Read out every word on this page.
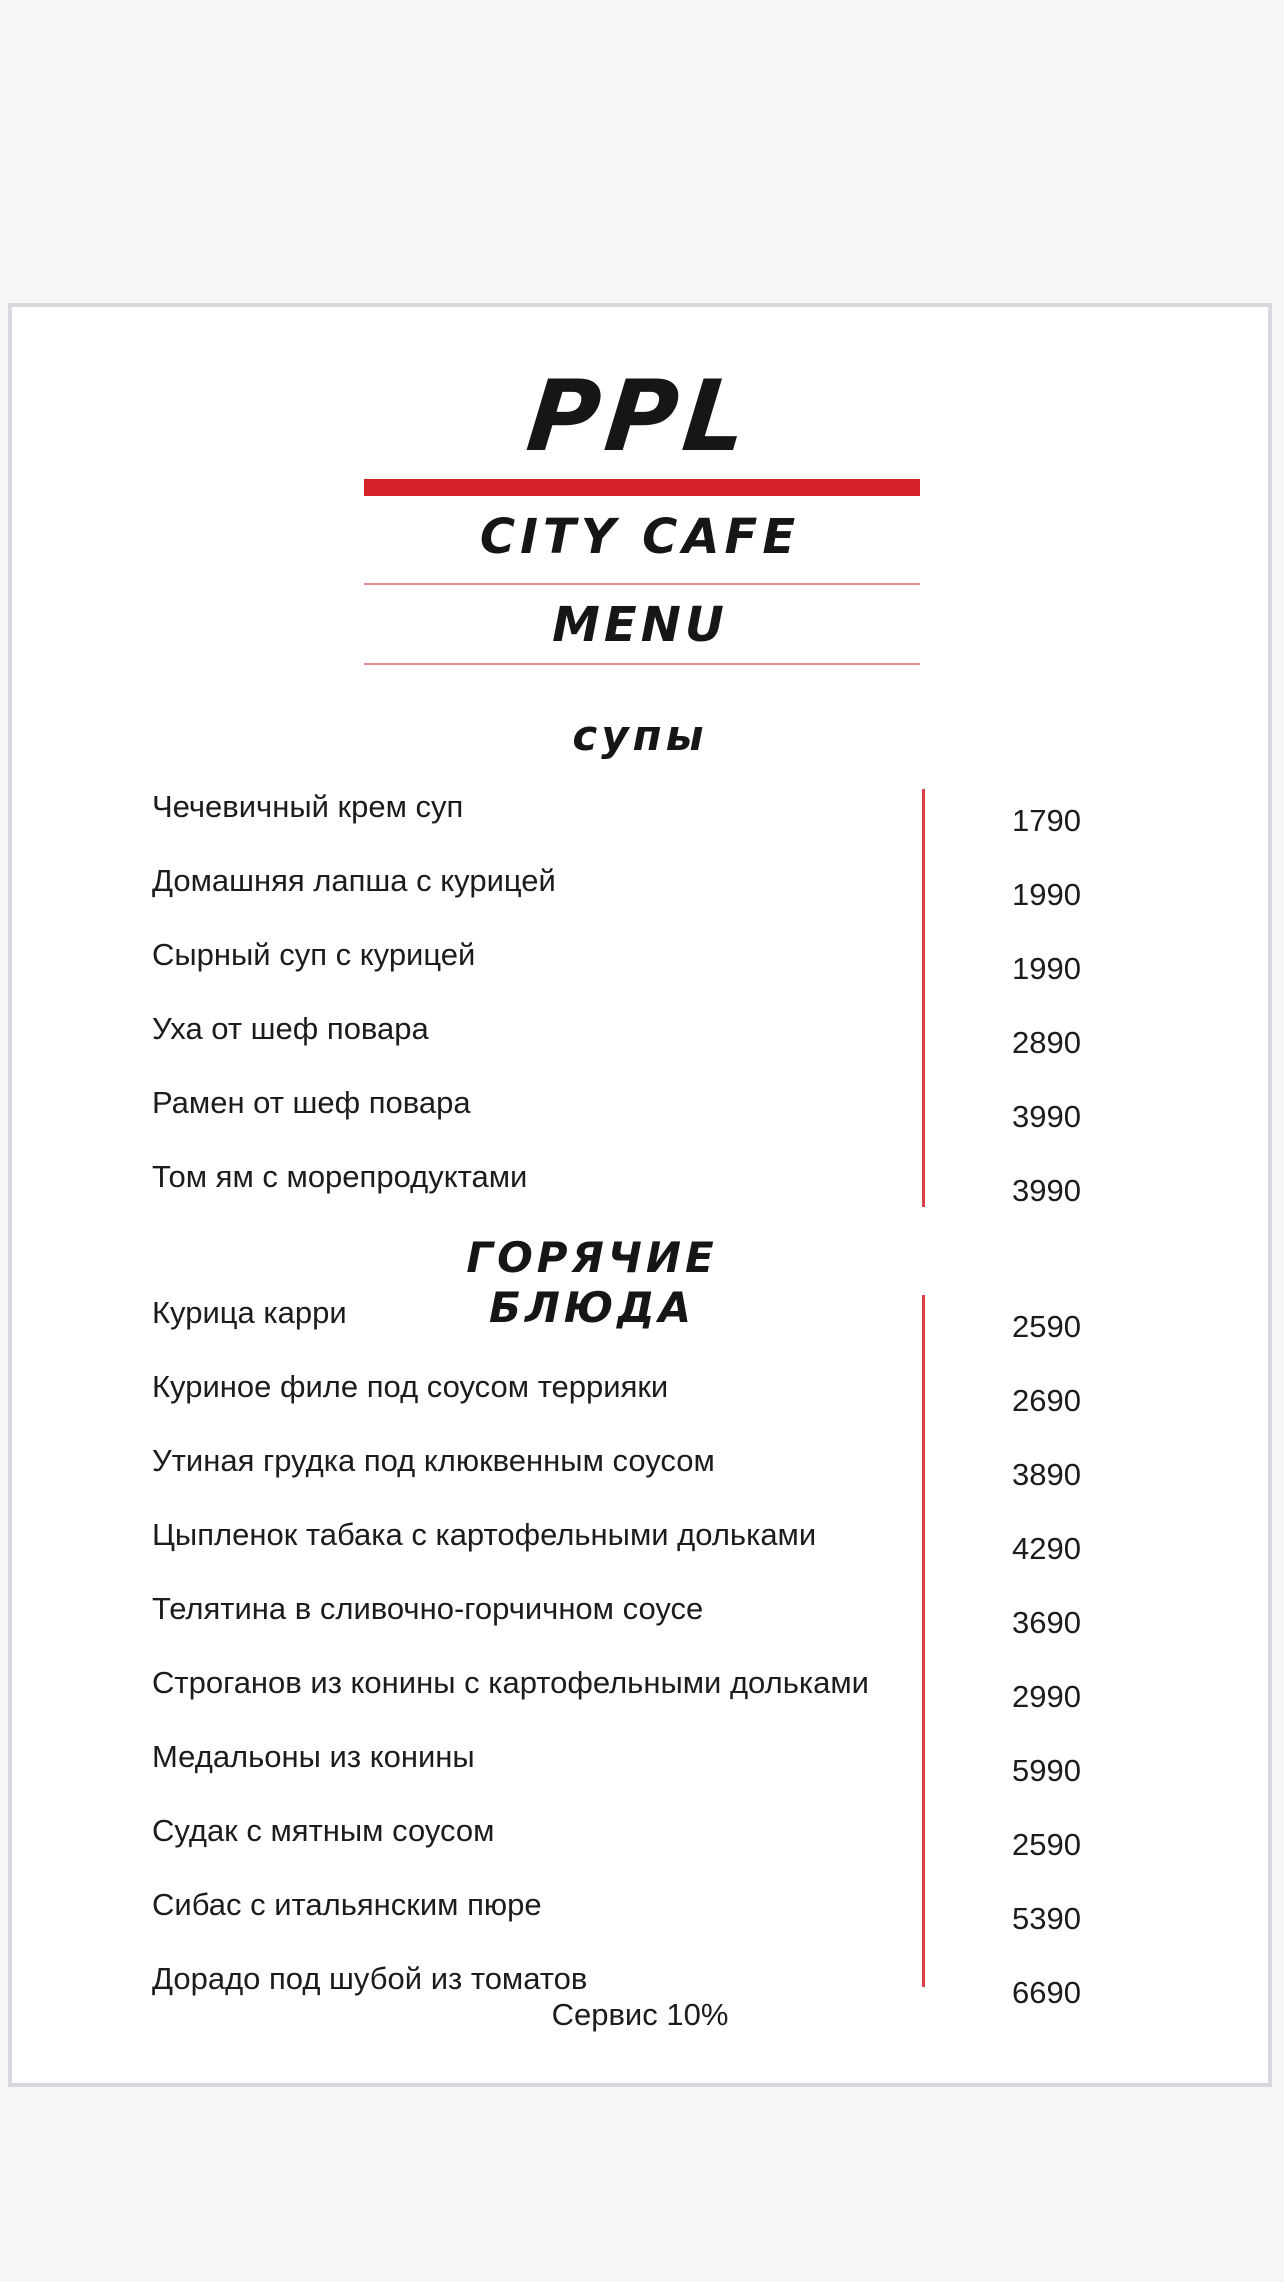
PPL
CITY CAFE
MENU
супы
Чечевичный крем суп	1790
Домашняя лапша с курицей	1990
Сырный суп с курицей	1990
Уха от шеф повара	2890
Рамен от шеф повара	3990
Том ям с морепродуктами	3990
ГОРЯЧИЕ БЛЮДА
Курица карри	2590
Куриное филе под соусом террияки	2690
Утиная грудка под клюквенным соусом	3890
Цыпленок табака с картофельными дольками	4290
Телятина в сливочно-горчичном соусе	3690
Строганов из конины с картофельными дольками	2990
Медальоны из конины	5990
Судак с мятным соусом	2590
Сибас с итальянским пюре	5390
Дорадо под шубой из томатов	6690
Сервис 10%
